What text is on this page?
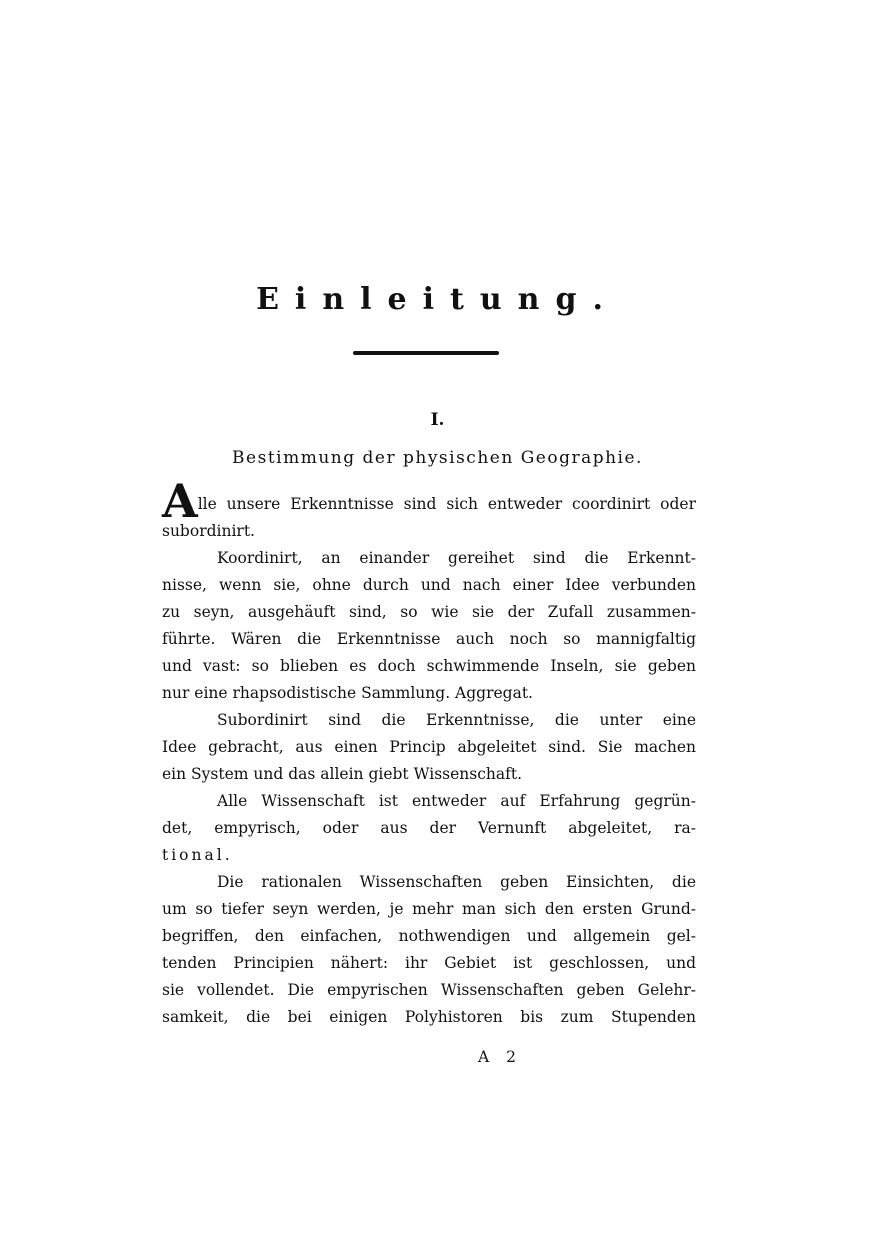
Einleitung.
I.
Bestimmung der physischen Geographie.
Alle unsere Erkenntnisse sind sich entweder coordinirt oder
subordinirt.
Koordinirt, an einander gereihet sind die Erkennt-
nisse, wenn sie, ohne durch und nach einer Idee verbunden
zu seyn, ausgehäuft sind, so wie sie der Zufall zusammen-
führte. Wären die Erkenntnisse auch noch so mannigfaltig
und vast: so blieben es doch schwimmende Inseln, sie geben
nur eine rhapsodistische Sammlung. Aggregat.
Subordinirt sind die Erkenntnisse, die unter eine
Idee gebracht, aus einen Princip abgeleitet sind. Sie machen
ein System und das allein giebt Wissenschaft.
Alle Wissenschaft ist entweder auf Erfahrung gegrün-
det, empyrisch, oder aus der Vernunft abgeleitet, ra-
tional.
Die rationalen Wissenschaften geben Einsichten, die
um so tiefer seyn werden, je mehr man sich den ersten Grund-
begriffen, den einfachen, nothwendigen und allgemein gel-
tenden Principien nähert: ihr Gebiet ist geschlossen, und
sie vollendet. Die empyrischen Wissenschaften geben Gelehr-
samkeit, die bei einigen Polyhistoren bis zum Stupenden
A 2
